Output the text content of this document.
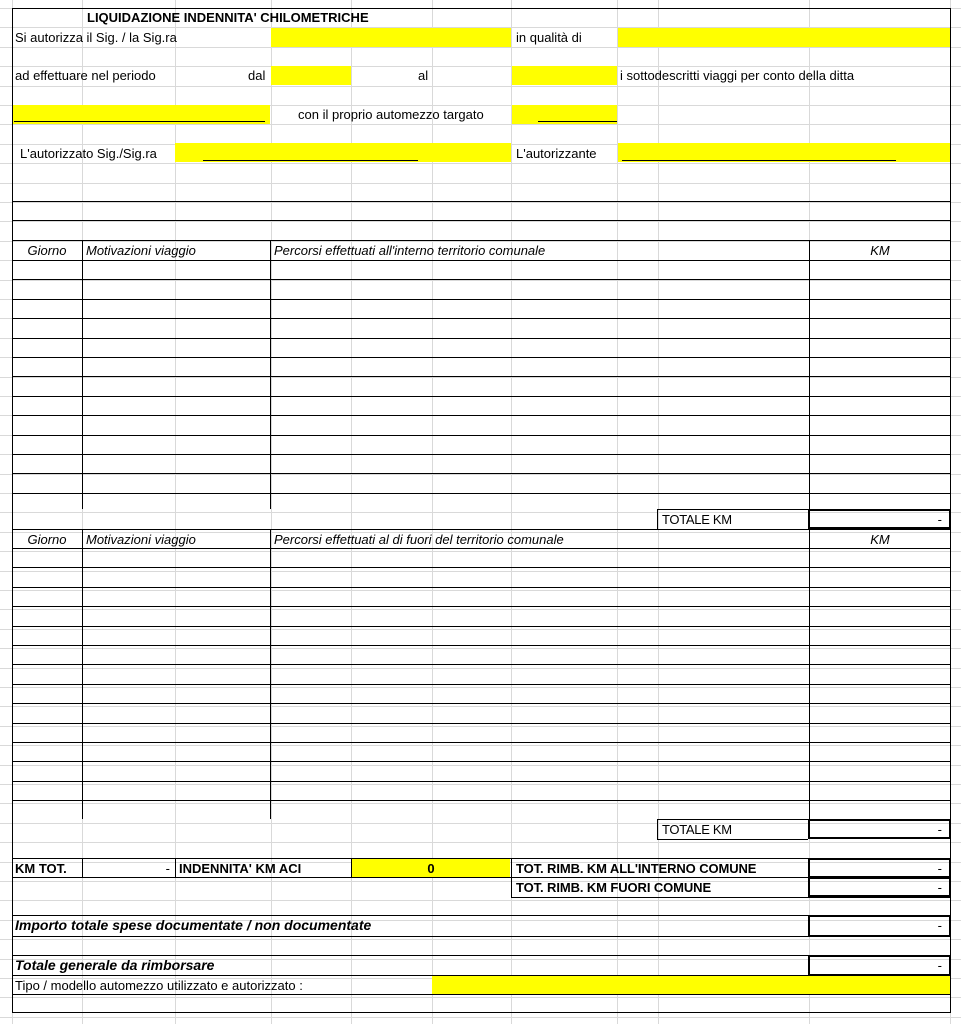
LIQUIDAZIONE INDENNITA' CHILOMETRICHE
Si autorizza il Sig. / la Sig.ra	in qualità di
ad effettuare nel periodo	dal	al	i sottodescritti viaggi per conto della ditta
con il proprio automezzo targato
L'autorizzato Sig./Sig.ra	L'autorizzante
Giorno	Motivazioni viaggio	Percorsi effettuati all'interno territorio comunale	KM
TOTALE KM	-
Giorno	Motivazioni viaggio	Percorsi effettuati al di fuori del territorio comunale	KM
TOTALE KM	-
KM TOT.	- INDENNITA' KM ACI	0	TOT. RIMB. KM ALL'INTERNO COMUNE	-
TOT. RIMB. KM FUORI COMUNE	-
Importo totale spese documentate / non documentate	-
Totale generale da rimborsare	-
Tipo / modello automezzo utilizzato e autorizzato :
